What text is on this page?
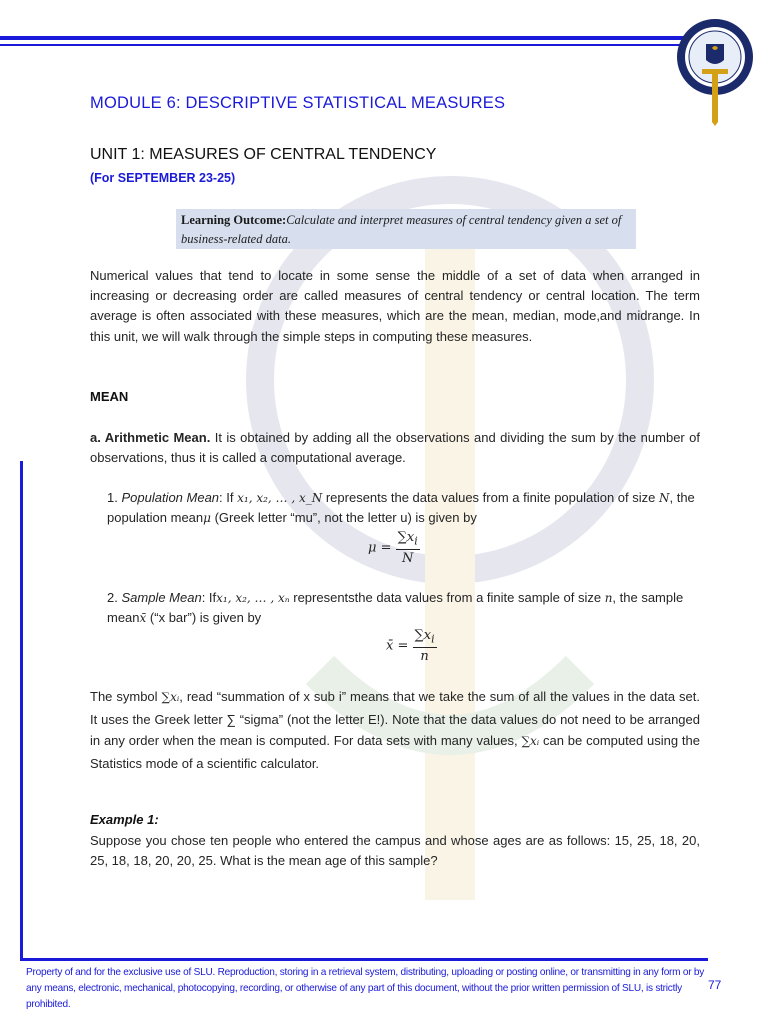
MODULE 6: DESCRIPTIVE STATISTICAL MEASURES
UNIT 1: MEASURES OF CENTRAL TENDENCY
(For SEPTEMBER 23-25)
Learning Outcome:Calculate and interpret measures of central tendency given a set of business-related data.
Numerical values that tend to locate in some sense the middle of a set of data when arranged in increasing or decreasing order are called measures of central tendency or central location. The term average is often associated with these measures, which are the mean, median, mode,and midrange. In this unit, we will walk through the simple steps in computing these measures.
MEAN
a. Arithmetic Mean. It is obtained by adding all the observations and dividing the sum by the number of observations, thus it is called a computational average.
1. Population Mean: If x₁, x₂, … , x_N represents the data values from a finite population of size N, the population meanμ (Greek letter “mu”, not the letter u) is given by
$\mu = \frac{\sum x_i}{N}$
2. Sample Mean: Ifx₁, x₂, … , xₙ representsthe data values from a finite sample of size n, the sample meanx̄ (“x bar”) is given by
x̄ = $\frac{\sum x_i}{n}$
The symbol ∑xᵢ, read “summation of x sub i” means that we take the sum of all the values in the data set. It uses the Greek letter ∑ “sigma” (not the letter E!). Note that the data values do not need to be arranged in any order when the mean is computed. For data sets with many values, ∑xᵢ can be computed using the Statistics mode of a scientific calculator.
Example 1:
Suppose you chose ten people who entered the campus and whose ages are as follows: 15, 25, 18, 20, 25, 18, 18, 20, 20, 25. What is the mean age of this sample?
Property of and for the exclusive use of SLU. Reproduction, storing in a retrieval system, distributing, uploading or posting online, or transmitting in any form or by any means, electronic, mechanical, photocopying, recording, or otherwise of any part of this document, without the prior written permission of SLU, is strictly prohibited.
77
